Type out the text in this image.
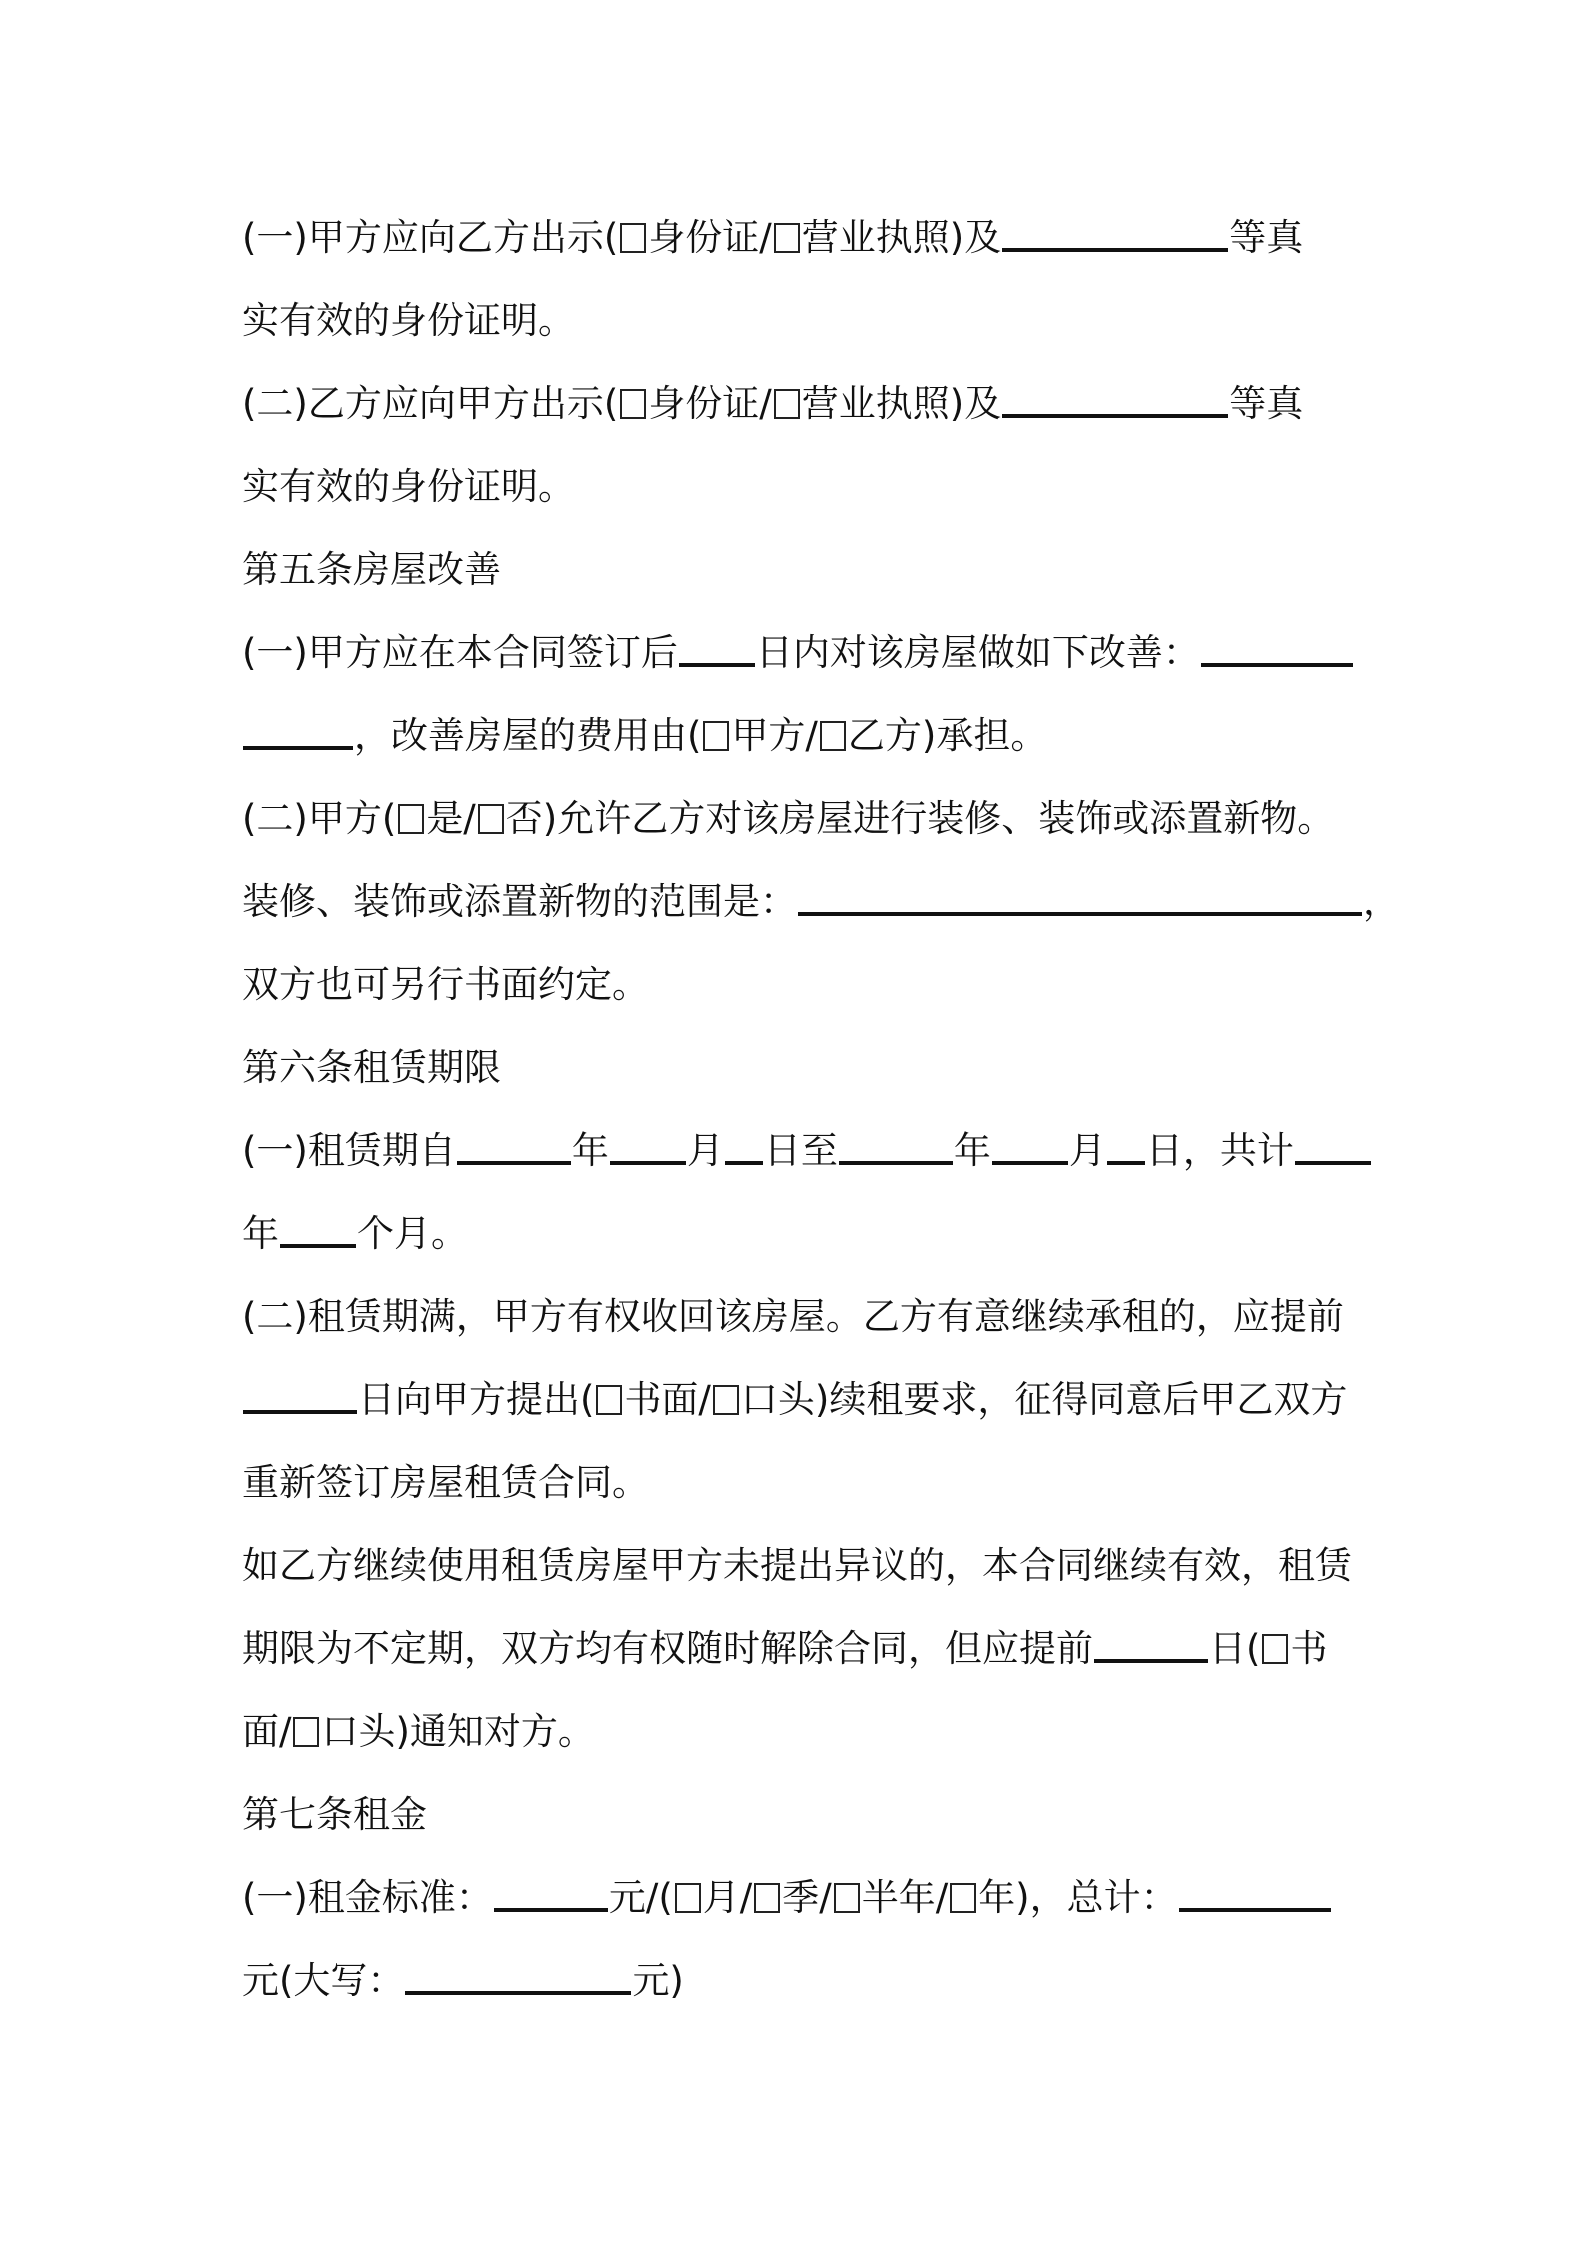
(一)甲方应向乙方出示( 身份证/ 营业执照)及	等真
实有效的身份证明。
(二)乙方应向甲方出示( 身份证/ 营业执照)及	等真
实有效的身份证明。
第五条房屋改善
(一)甲方应在本合同签订后 日内对该房屋做如下改善：
，改善房屋的费用由( 甲方/ 乙方)承担。
(二)甲方( 是/ 否)允许乙方对该房屋进行装修、装饰或添置新物。
装修、装饰或添置新物的范围是：	，
双方也可另行书面约定。
第六条租赁期限
(一)租赁期自	年 月 日至	年 月 日，共计
年 个月。
(二)租赁期满，甲方有权收回该房屋。乙方有意继续承租的，应提前
日向甲方提出( 书面/ 口头)续租要求，征得同意后甲乙双方
重新签订房屋租赁合同。
如乙方继续使用租赁房屋甲方未提出异议的，本合同继续有效，租赁
期限为不定期，双方均有权随时解除合同，但应提前	日( 书
面/ 口头)通知对方。
第七条租金
(一)租金标准：	元/( 月/ 季/ 半年/ 年)，总计：
元(大写：	元)
